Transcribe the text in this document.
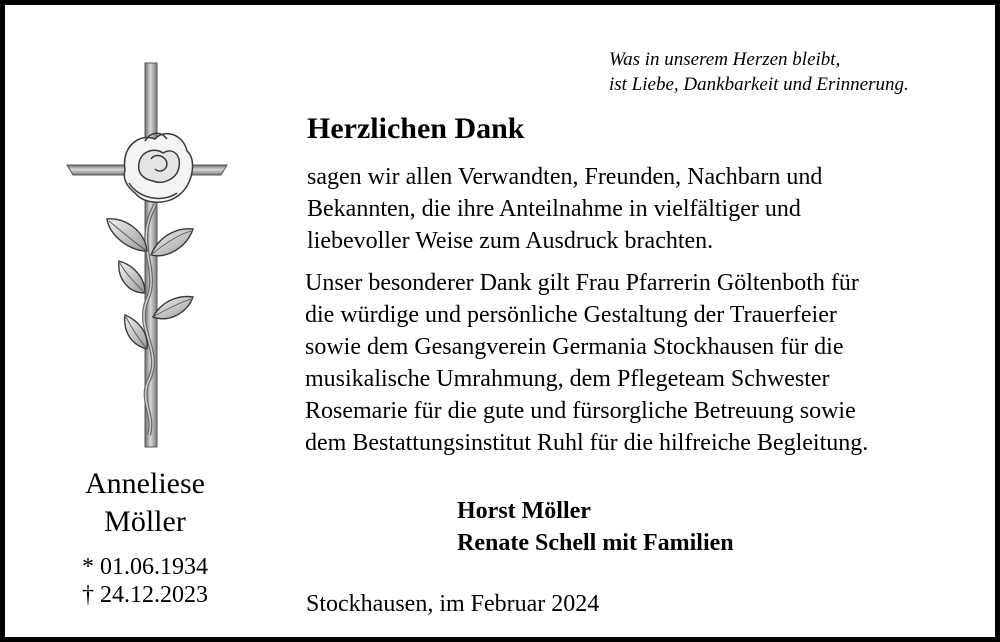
Was in unserem Herzen bleibt,
ist Liebe, Dankbarkeit und Erinnerung.
Herzlichen Dank
sagen wir allen Verwandten, Freunden, Nachbarn und
Bekannten, die ihre Anteilnahme in vielfältiger und
liebevoller Weise zum Ausdruck brachten.
Unser besonderer Dank gilt Frau Pfarrerin Göltenboth für
die würdige und persönliche Gestaltung der Trauerfeier
sowie dem Gesangverein Germania Stockhausen für die
musikalische Umrahmung, dem Pflegeteam Schwester
Rosemarie für die gute und fürsorgliche Betreuung sowie
dem Bestattungsinstitut Ruhl für die hilfreiche Begleitung.
Anneliese
Möller
* 01.06.1934
† 24.12.2023
Horst Möller
Renate Schell mit Familien
Stockhausen, im Februar 2024
